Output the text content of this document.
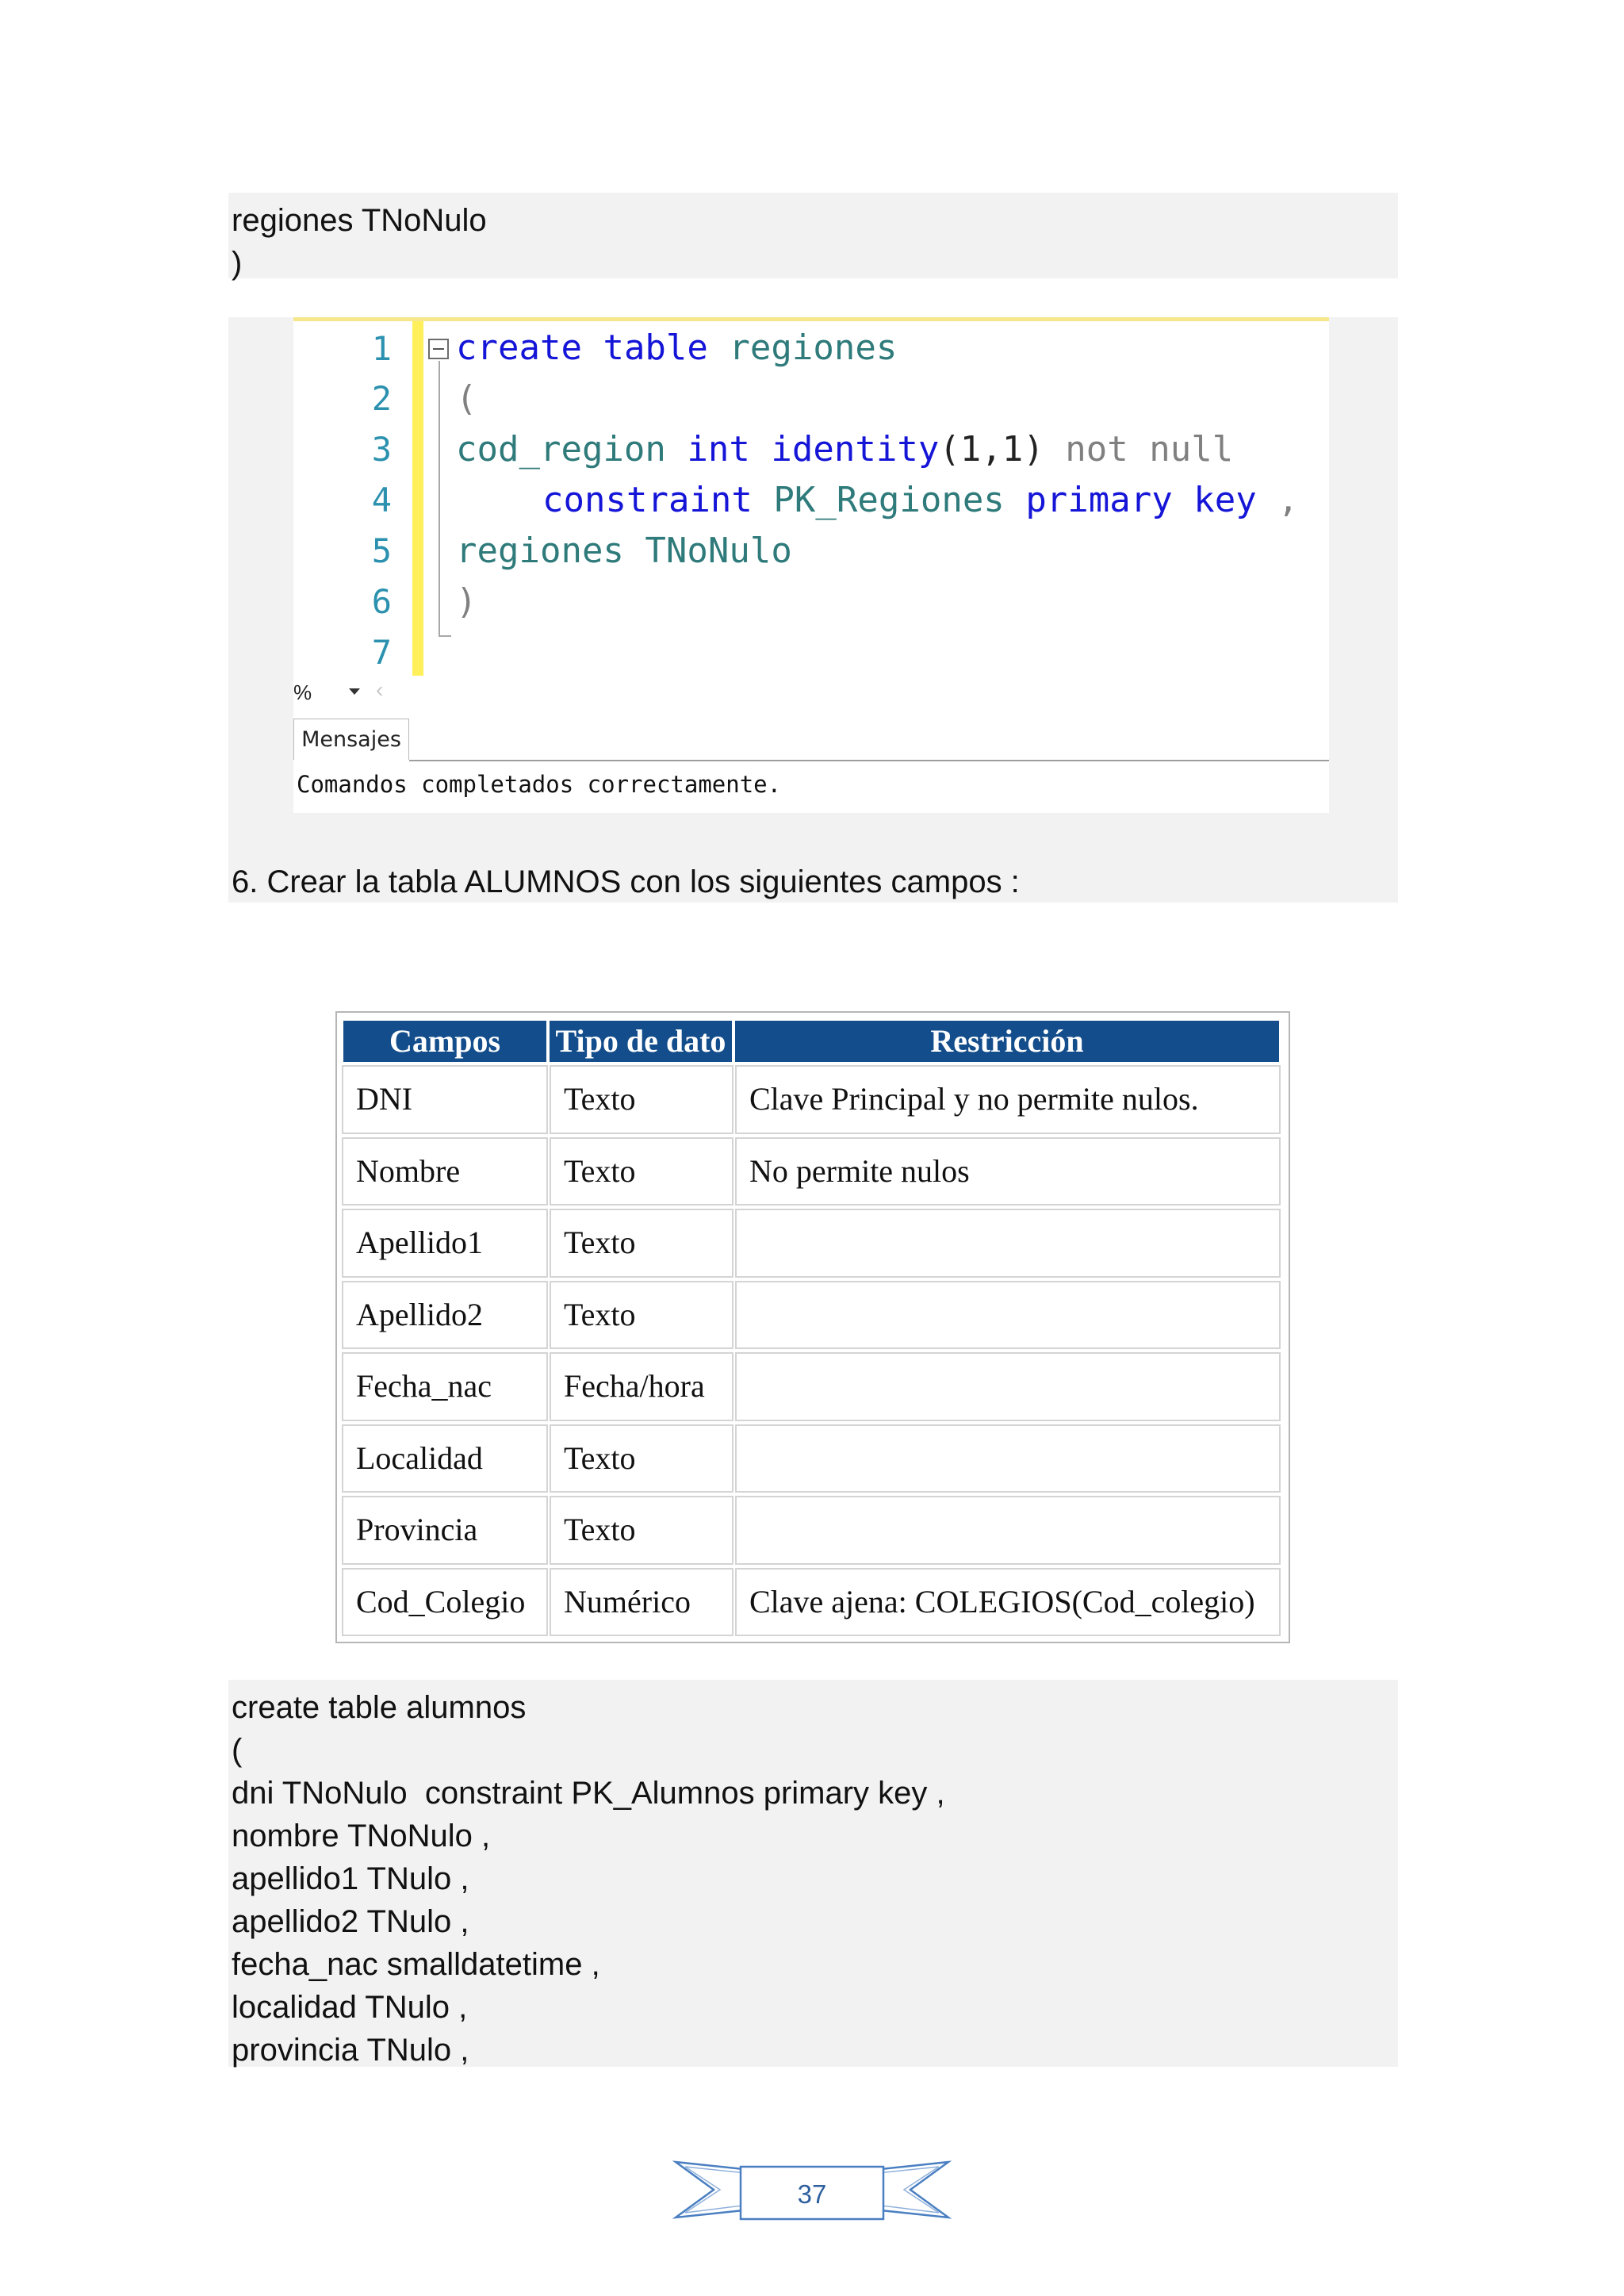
regiones TNoNulo
)
1
2
3
4
5
6
7
create table regiones
(
cod_region int identity(1,1) not null
constraint PK_Regiones primary key ,
regiones TNoNulo
)
%	‹
Mensajes
Comandos completados correctamente.
6. Crear la tabla ALUMNOS con los siguientes campos :
Campos	Tipo de dato	Restricción
DNI	Texto	Clave Principal y no permite nulos.
Nombre	Texto	No permite nulos
Apellido1	Texto
Apellido2	Texto
Fecha_nac	Fecha/hora
Localidad	Texto
Provincia	Texto
Cod_Colegio	Numérico	Clave ajena: COLEGIOS(Cod_colegio)
create table alumnos
(
dni TNoNulo  constraint PK_Alumnos primary key ,
nombre TNoNulo ,
apellido1 TNulo ,
apellido2 TNulo ,
fecha_nac smalldatetime ,
localidad TNulo ,
provincia TNulo ,
37
